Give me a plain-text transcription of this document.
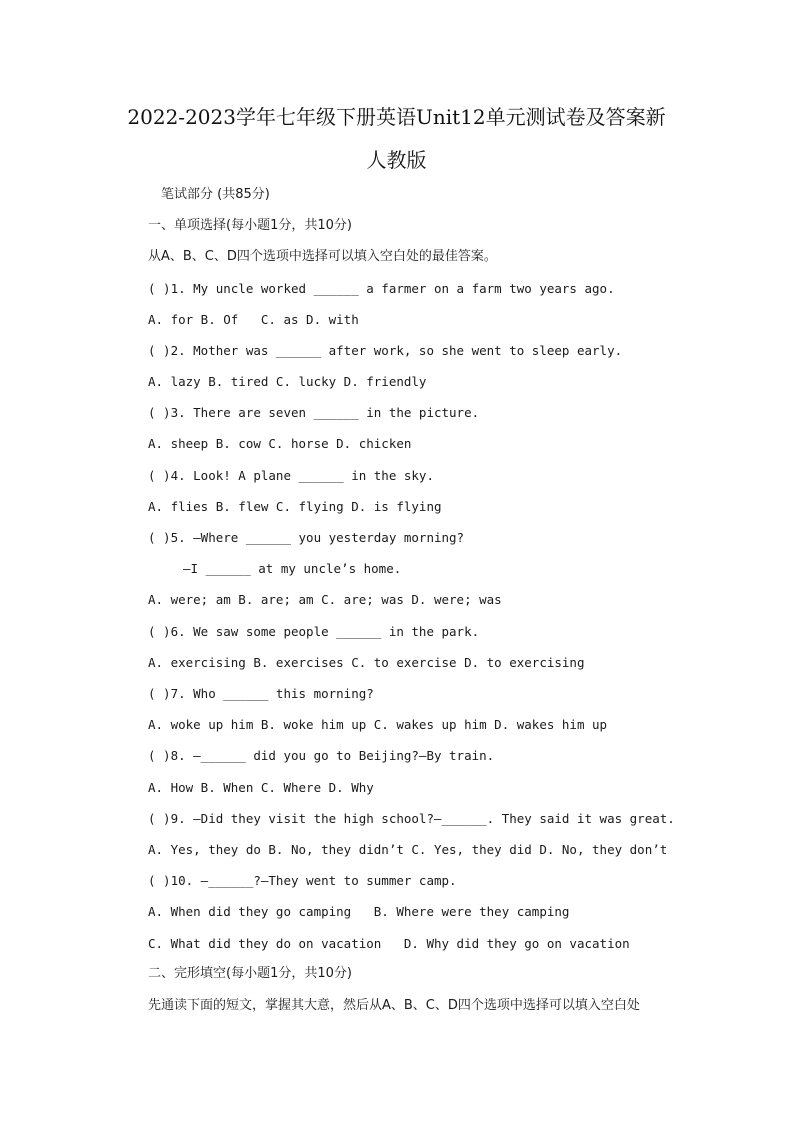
2022-2023学年七年级下册英语Unit12单元测试卷及答案新
人教版
笔试部分 (共85分)
一、单项选择(每小题1分，共10分)
从A、B、C、D四个选项中选择可以填入空白处的最佳答案。
( )1. My uncle worked ______ a farmer on a farm two years ago.
A. for B. Of   C. as D. with
( )2. Mother was ______ after work, so she went to sleep early.
A. lazy B. tired C. lucky D. friendly
( )3. There are seven ______ in the picture.
A. sheep B. cow C. horse D. chicken
( )4. Look! A plane ______ in the sky.
A. flies B. flew C. flying D. is flying
( )5. —Where ______ you yesterday morning?
—I ______ at my uncle’s home.
A. were; am B. are; am C. are; was D. were; was
( )6. We saw some people ______ in the park.
A. exercising B. exercises C. to exercise D. to exercising
( )7. Who ______ this morning?
A. woke up him B. woke him up C. wakes up him D. wakes him up
( )8. —______ did you go to Beijing?—By train.
A. How B. When C. Where D. Why
( )9. —Did they visit the high school?—______. They said it was great.
A. Yes, they do B. No, they didn’t C. Yes, they did D. No, they don’t
( )10. —______?—They went to summer camp.
A. When did they go camping   B. Where were they camping
C. What did they do on vacation   D. Why did they go on vacation
二、完形填空(每小题1分，共10分)
先通读下面的短文，掌握其大意，然后从A、B、C、D四个选项中选择可以填入空白处
